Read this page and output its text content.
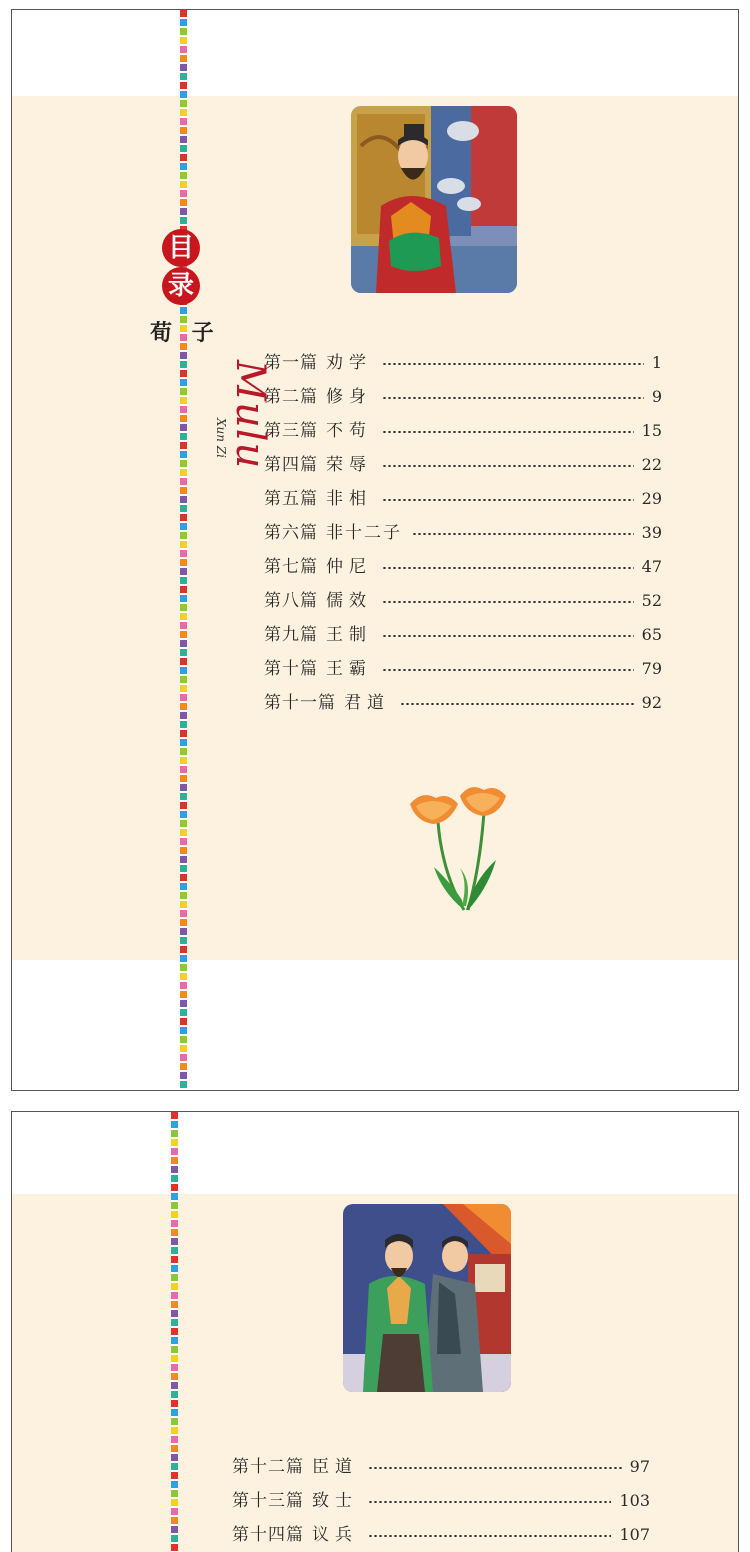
目
录
荀 子
Mulu
Xun Zi
第一篇 劝学	1
第二篇 修身	9
第三篇 不苟	15
第四篇 荣辱	22
第五篇 非相	29
第六篇 非十二子	39
第七篇 仲尼	47
第八篇 儒效	52
第九篇 王制	65
第十篇 王霸	79
第十一篇 君道	92
第十二篇 臣道	97
第十三篇 致士	103
第十四篇 议兵	107
